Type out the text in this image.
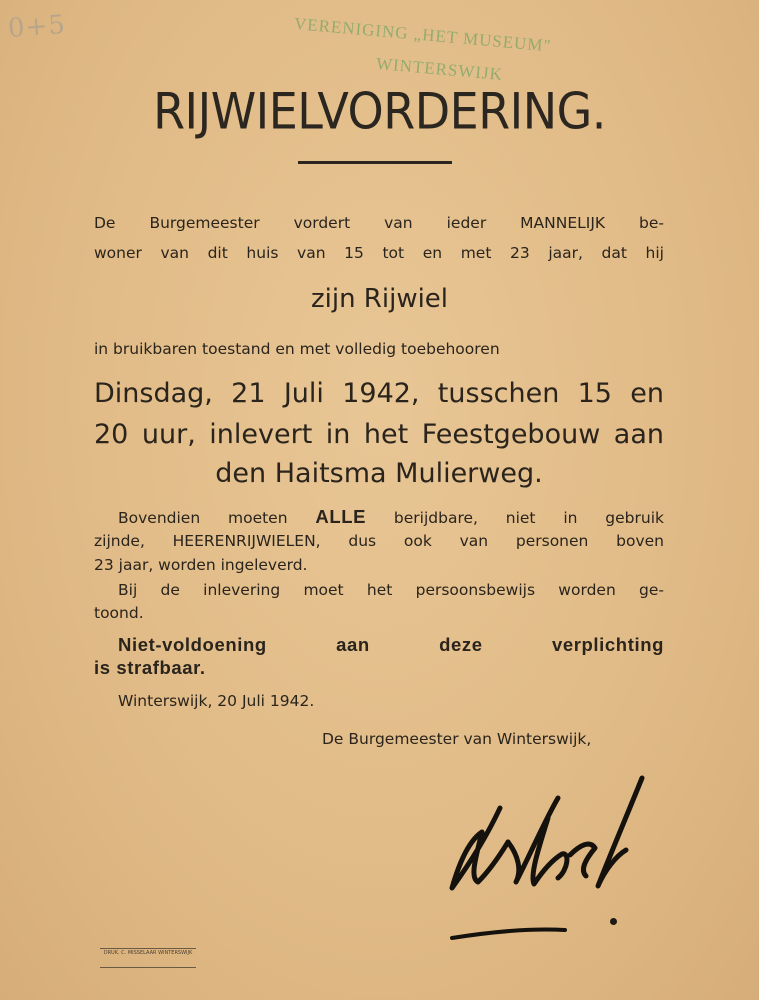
0+5	VERENIGING „HET MUSEUM"
WINTERSWIJK
RIJWIELVORDERING.
De Burgemeester vordert van ieder MANNELIJK be-
woner van dit huis van 15 tot en met 23 jaar, dat hij
zijn Rijwiel
in bruikbaren toestand en met volledig toebehooren
Dinsdag, 21 Juli 1942, tusschen 15 en
20 uur, inlevert in het Feestgebouw aan
den Haitsma Mulierweg.
Bovendien moeten ALLE berijdbare, niet in gebruik
zijnde, HEERENRIJWIELEN, dus ook van personen boven
23 jaar, worden ingeleverd.
Bij de inlevering moet het persoonsbewijs worden ge-
toond.
Niet-voldoening aan deze verplichting
is strafbaar.
Winterswijk, 20 Juli 1942.
De Burgemeester van Winterswijk,
DRUK. C. MISSELAAR WINTERSWIJK
